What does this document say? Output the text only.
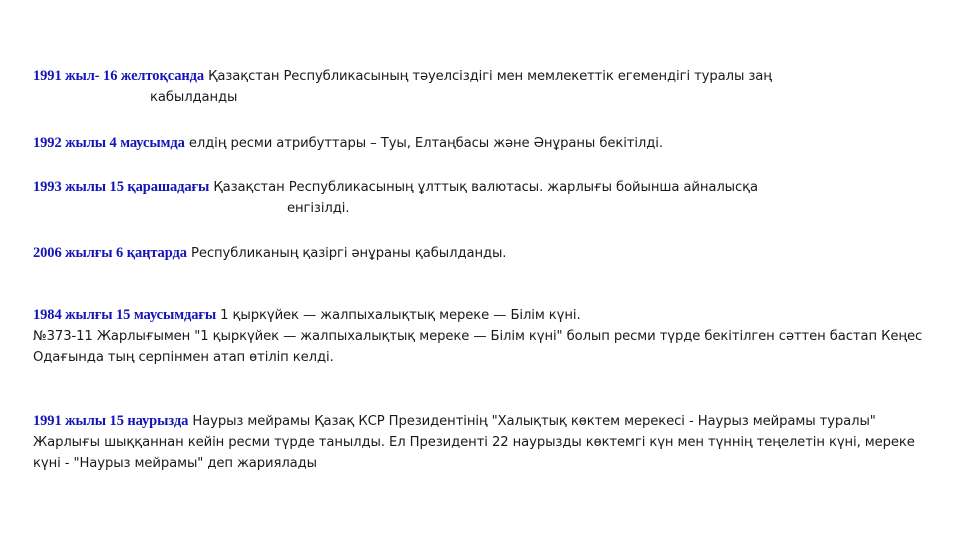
1991 жыл- 16 желтоқсанда Қазақстан Республикасының тәуелсіздігі мен мемлекеттік егемендігі туралы заң
кабылданды
1992 жылы 4 маусымда елдің ресми атрибуттары – Туы, Елтаңбасы және Әнұраны бекітілді.
1993 жылы 15 қарашадағы Қазақстан Республикасының ұлттық валютасы. жарлығы бойынша айналысқа
енгізілді.
2006 жылғы 6 қаңтарда Республиканың қазіргі әнұраны қабылданды.
1984 жылғы 15 маусымдағы 1 қыркүйек — жалпыхалықтық мереке — Білім күні.
№373-11 Жарлығымен "1 қыркүйек — жалпыхалықтық мереке — Білім күні" болып ресми түрде бекітілген сәттен бастап Кеңес Одағында тың серпінмен атап өтіліп келді.
1991 жылы 15 наурызда Наурыз мейрамы Қазақ КСР Президентінің "Халықтық көктем мерекесі - Наурыз мейрамы туралы" Жарлығы шыққаннан кейін ресми түрде танылды. Ел Президенті 22 наурызды көктемгі күн мен түннің теңелетін күні, мереке күні - "Наурыз мейрамы" деп жариялады
